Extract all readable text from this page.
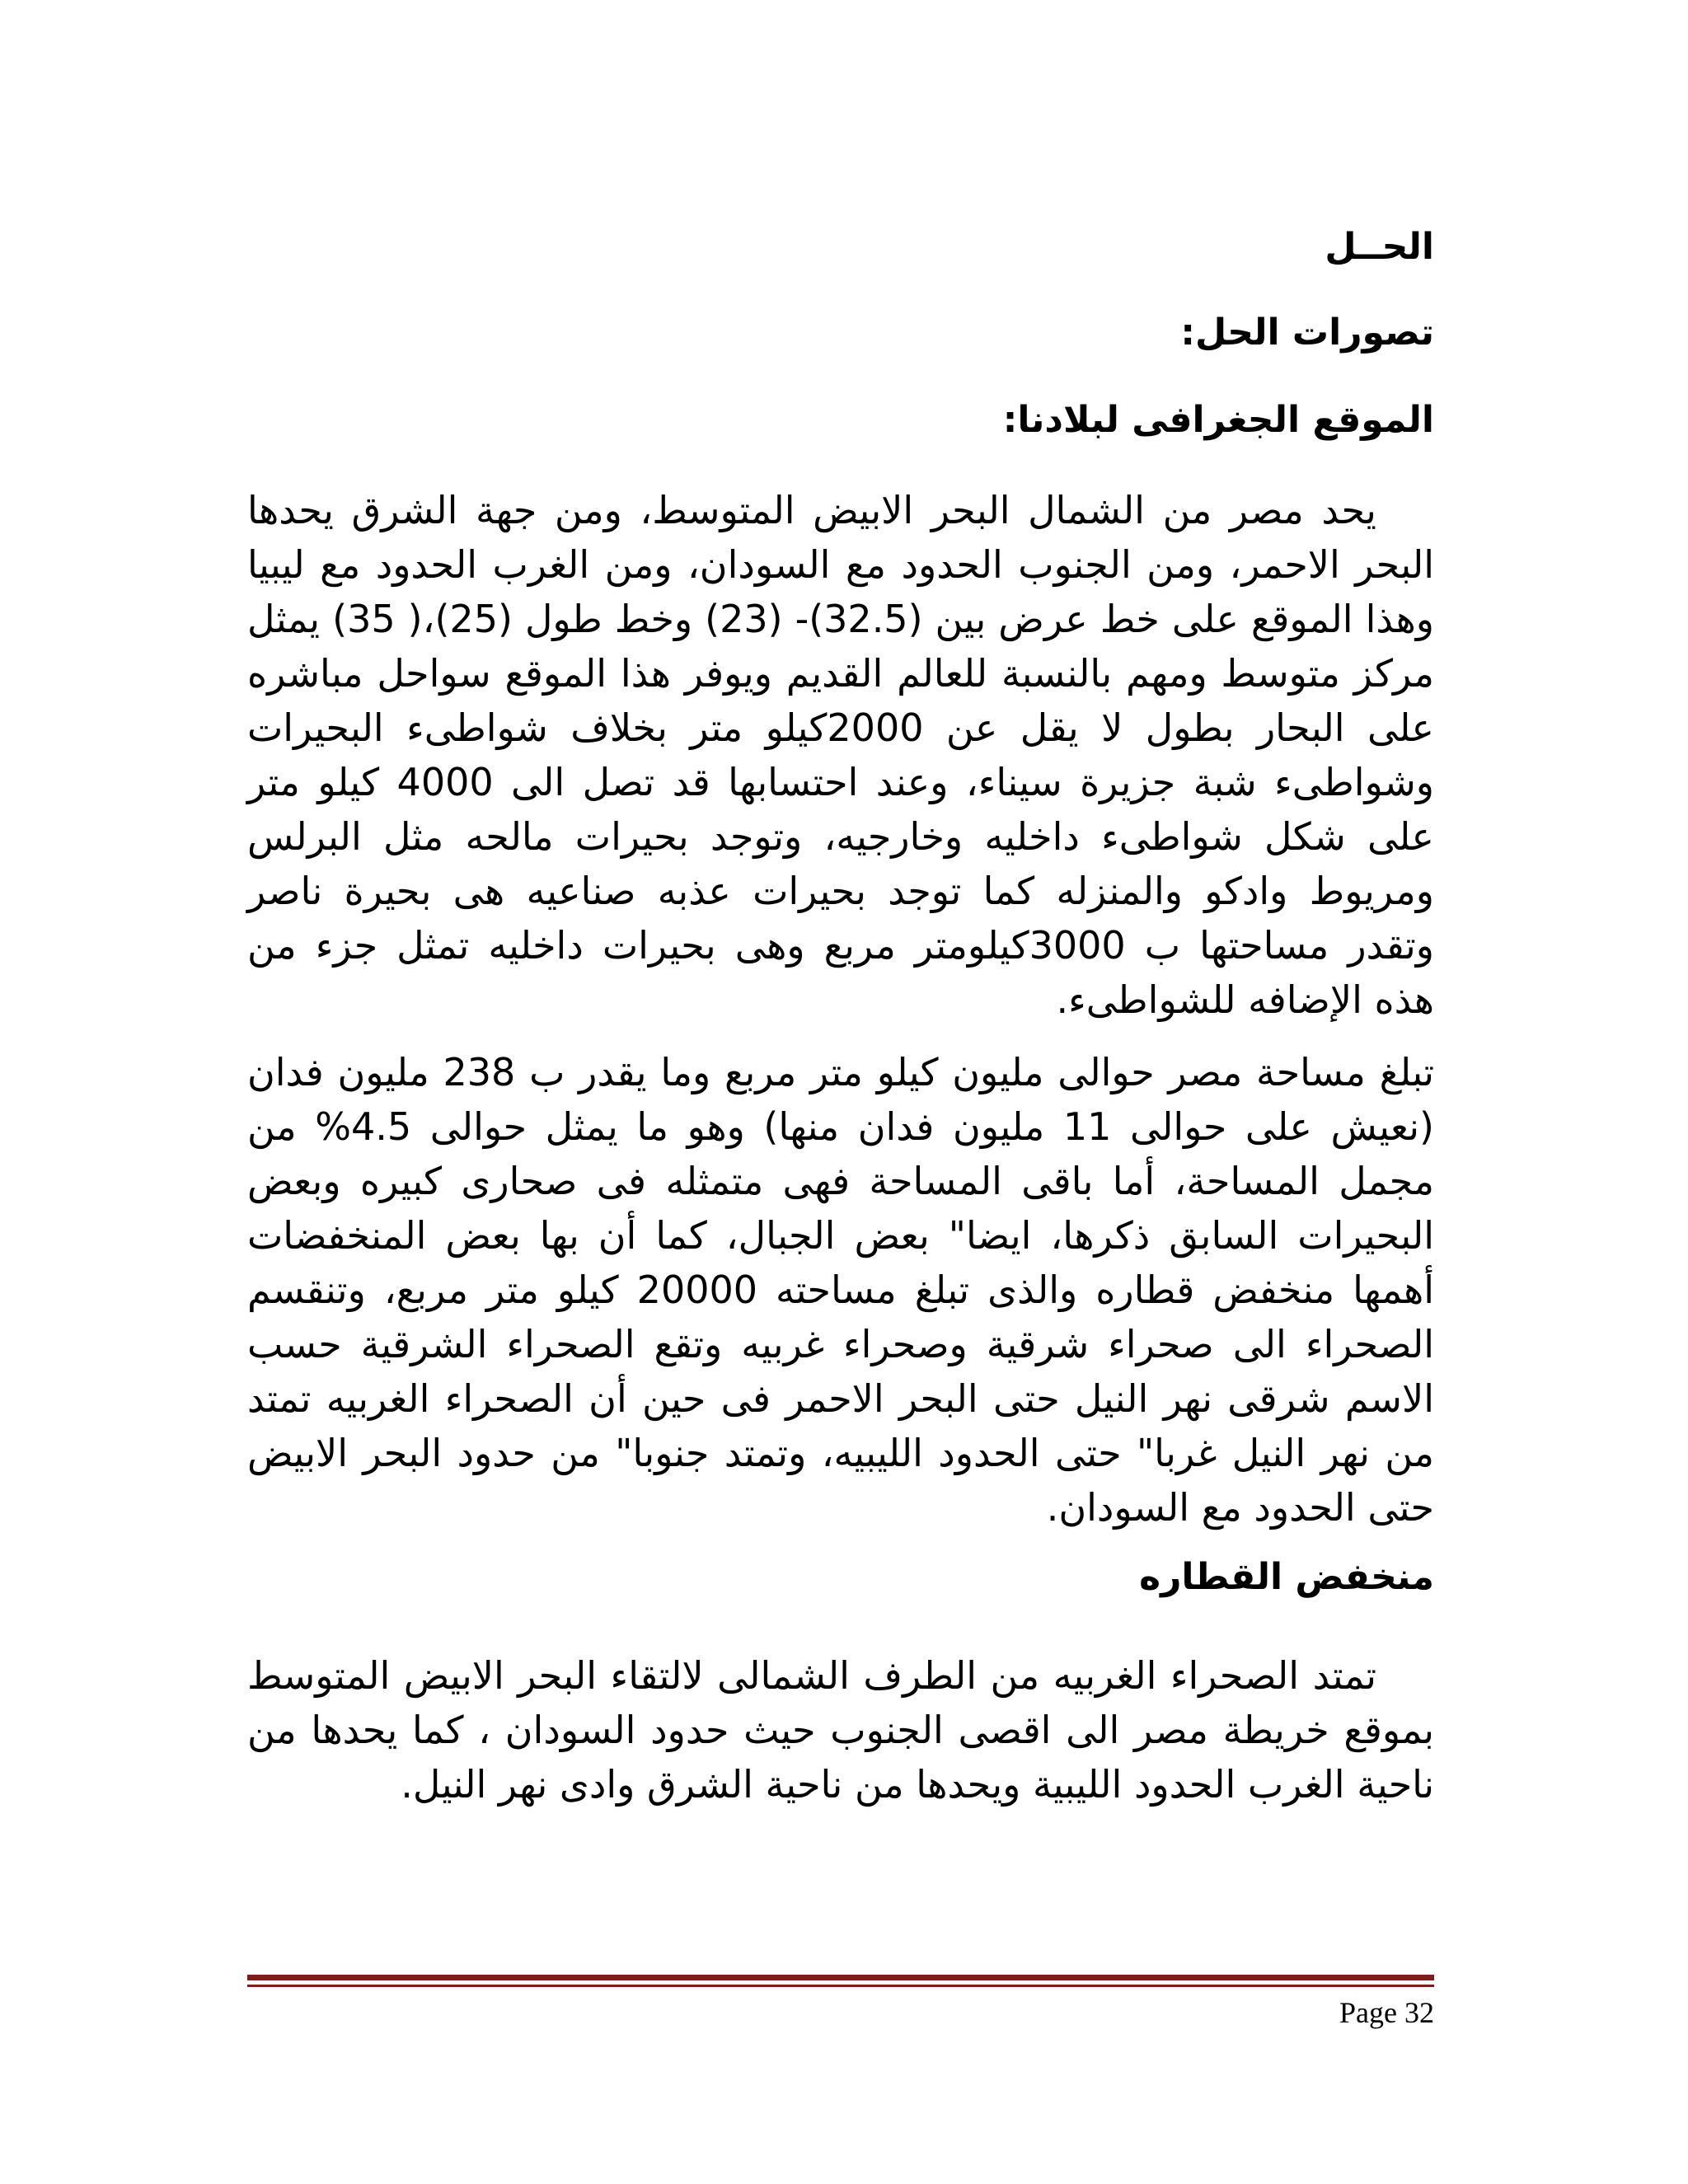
الحــل
تصورات الحل:
الموقع الجغرافى لبلادنا:

يحد مصر من الشمال البحر الابيض المتوسط، ومن جهة الشرق يحدها البحر الاحمر، ومن الجنوب الحدود مع السودان، ومن الغرب الحدود مع ليبيا وهذا الموقع على خط عرض بين (32.5)- (23) وخط طول (25)،( 35) يمثل مركز متوسط ومهم بالنسبة للعالم القديم ويوفر هذا الموقع سواحل مباشره على البحار بطول لا يقل عن 2000كيلو متر بخلاف شواطىء البحيرات وشواطىء شبة جزيرة سيناء، وعند احتسابها قد تصل الى 4000 كيلو متر على شكل شواطىء داخليه وخارجيه، وتوجد بحيرات مالحه مثل البرلس ومريوط وادكو والمنزله كما توجد بحيرات عذبه صناعيه هى بحيرة ناصر وتقدر مساحتها ب 3000كيلومتر مربع وهى بحيرات داخليه تمثل جزء من هذه الإضافه للشواطىء.

تبلغ مساحة مصر حوالى مليون كيلو متر مربع وما يقدر ب 238 مليون فدان (نعيش على حوالى 11 مليون فدان منها) وهو ما يمثل حوالى 4.5% من مجمل المساحة، أما باقى المساحة فهى متمثله فى صحارى كبيره وبعض البحيرات السابق ذكرها، ايضا" بعض الجبال، كما أن بها بعض المنخفضات أهمها منخفض قطاره والذى تبلغ مساحته 20000 كيلو متر مربع، وتنقسم الصحراء الى صحراء شرقية وصحراء غربيه وتقع الصحراء الشرقية حسب الاسم شرقى نهر النيل حتى البحر الاحمر فى حين أن الصحراء الغربيه تمتد من نهر النيل غربا" حتى الحدود الليبيه، وتمتد جنوبا" من حدود البحر الابيض حتى الحدود مع السودان.

منخفض القطاره

تمتد الصحراء الغربيه من الطرف الشمالى لالتقاء البحر الابيض المتوسط بموقع خريطة مصر الى اقصى الجنوب حيث حدود السودان ، كما يحدها من ناحية الغرب الحدود الليبية ويحدها من ناحية الشرق وادى نهر النيل.

Page 32
